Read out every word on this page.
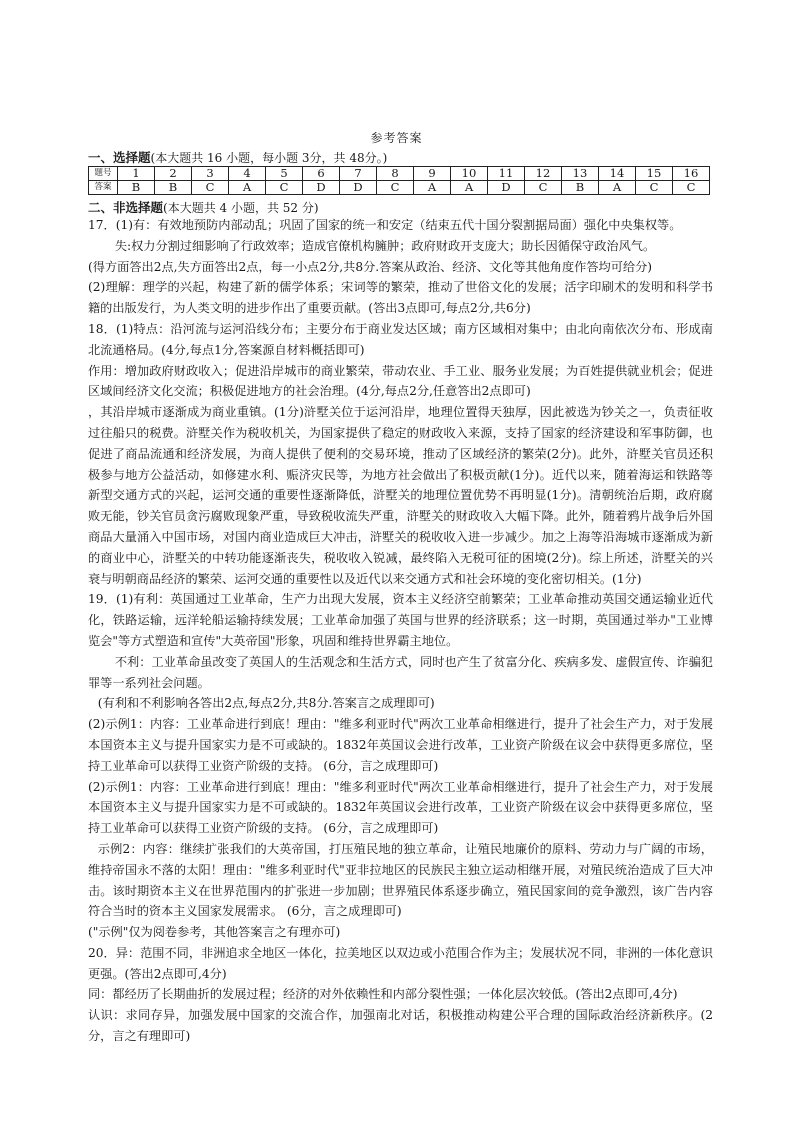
参考答案
一、选择题(本大题共 16 小题，每小题 3分，共 48分。)
题号	1	2	3	4	5	6	7	8	9	10	11	12	13	14	15	16
答案	B	B	C	A	C	D	D	C	A	A	D	C	B	A	C	C
二、非选择题(本大题共 4 小题，共 52 分)

17．(1)有：有效地预防内部动乱；巩固了国家的统一和安定（结束五代十国分裂割据局面）强化中央集权等。

失:权力分割过细影响了行政效率；造成官僚机构臃肿；政府财政开支庞大；助长因循保守政治风气。

(得方面答出2点,失方面答出2点，每一小点2分,共8分.答案从政治、经济、文化等其他角度作答均可给分)

(2)理解：理学的兴起，构建了新的儒学体系；宋词等的繁荣，推动了世俗文化的发展；活字印刷术的发明和科学书籍的出版发行，为人类文明的进步作出了重要贡献。(答出3点即可,每点2分,共6分)

18．(1)特点：沿河流与运河沿线分布；主要分布于商业发达区域；南方区域相对集中；由北向南依次分布、形成南北流通格局。(4分,每点1分,答案源自材料概括即可)

作用：增加政府财政收入；促进沿岸城市的商业繁荣，带动农业、手工业、服务业发展；为百姓提供就业机会；促进区域间经济文化交流；积极促进地方的社会治理。(4分,每点2分,任意答出2点即可)

，其沿岸城市逐渐成为商业重镇。(1分)浒墅关位于运河沿岸，地理位置得天独厚，因此被选为钞关之一，负责征收过往船只的税费。浒墅关作为税收机关，为国家提供了稳定的财政收入来源，支持了国家的经济建设和军事防御，也促进了商品流通和经济发展，为商人提供了便利的交易环境，推动了区域经济的繁荣(2分)。此外，浒墅关官员还积极参与地方公益活动，如修建水利、赈济灾民等，为地方社会做出了积极贡献(1分)。近代以来，随着海运和铁路等新型交通方式的兴起，运河交通的重要性逐渐降低，浒墅关的地理位置优势不再明显(1分)。清朝统治后期，政府腐败无能，钞关官员贪污腐败现象严重，导致税收流失严重，浒墅关的财政收入大幅下降。此外，随着鸦片战争后外国商品大量涌入中国市场，对国内商业造成巨大冲击，浒墅关的税收收入进一步减少。加之上海等沿海城市逐渐成为新的商业中心，浒墅关的中转功能逐渐丧失，税收收入锐减，最终陷入无税可征的困境(2分)。综上所述，浒墅关的兴衰与明朝商品经济的繁荣、运河交通的重要性以及近代以来交通方式和社会环境的变化密切相关。(1分)

19．(1)有利：英国通过工业革命，生产力出现大发展，资本主义经济空前繁荣；工业革命推动英国交通运输业近代化，铁路运输，远洋轮船运输持续发展；工业革命加强了英国与世界的经济联系；这一时期，英国通过举办"工业博览会"等方式塑造和宣传"大英帝国"形象，巩固和维持世界霸主地位。

不利：工业革命虽改变了英国人的生活观念和生活方式，同时也产生了贫富分化、疾病多发、虚假宣传、诈骗犯罪等一系列社会问题。

(有利和不利影响各答出2点,每点2分,共8分.答案言之成理即可)

(2)示例1：内容：工业革命进行到底！理由："维多利亚时代"两次工业革命相继进行，提升了社会生产力，对于发展本国资本主义与提升国家实力是不可或缺的。1832年英国议会进行改革，工业资产阶级在议会中获得更多席位，坚持工业革命可以获得工业资产阶级的支持。 (6分，言之成理即可)

(2)示例1：内容：工业革命进行到底！理由："维多利亚时代"两次工业革命相继进行，提升了社会生产力，对于发展本国资本主义与提升国家实力是不可或缺的。1832年英国议会进行改革，工业资产阶级在议会中获得更多席位，坚持工业革命可以获得工业资产阶级的支持。 (6分，言之成理即可)

示例2：内容：继续扩张我们的大英帝国，打压殖民地的独立革命，让殖民地廉价的原料、劳动力与广阔的市场，维持帝国永不落的太阳！理由："维多利亚时代"亚非拉地区的民族民主独立运动相继开展，对殖民统治造成了巨大冲击。该时期资本主义在世界范围内的扩张进一步加剧；世界殖民体系逐步确立，殖民国家间的竞争激烈，该广告内容符合当时的资本主义国家发展需求。 (6分，言之成理即可)

("示例"仅为阅卷参考，其他答案言之有理亦可)

20．异：范围不同，非洲追求全地区一体化，拉美地区以双边或小范围合作为主；发展状况不同，非洲的一体化意识更强。(答出2点即可,4分)

同：都经历了长期曲折的发展过程；经济的对外依赖性和内部分裂性强；一体化层次较低。(答出2点即可,4分)

认识：求同存异，加强发展中国家的交流合作，加强南北对话，积极推动构建公平合理的国际政治经济新秩序。(2分，言之有理即可)
